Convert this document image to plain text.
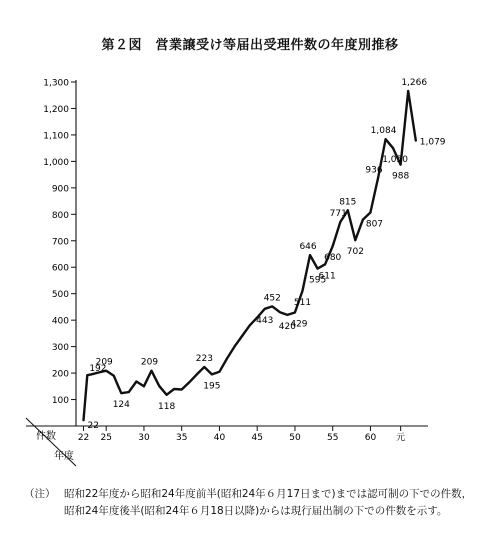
第２図　営業譲受け等届出受理件数の年度別推移
100
200
300
400
500
600
700
800
900
1,000
1,100
1,200
1,300
22 25	30	35	40	45	50	55	60 元
22
192
209
124
209
118
223
195
452
443
420
429
511
646
595
611
680
771
815
702
807
936
1,084
1,050
988
1,266
1,079
件数
年度
（注） 昭和22年度から昭和24年度前半(昭和24年６月17日まで)までは認可制の下での件数，昭和24年度後半(昭和24年６月18日以降)からは現行届出制の下での件数を示す。
